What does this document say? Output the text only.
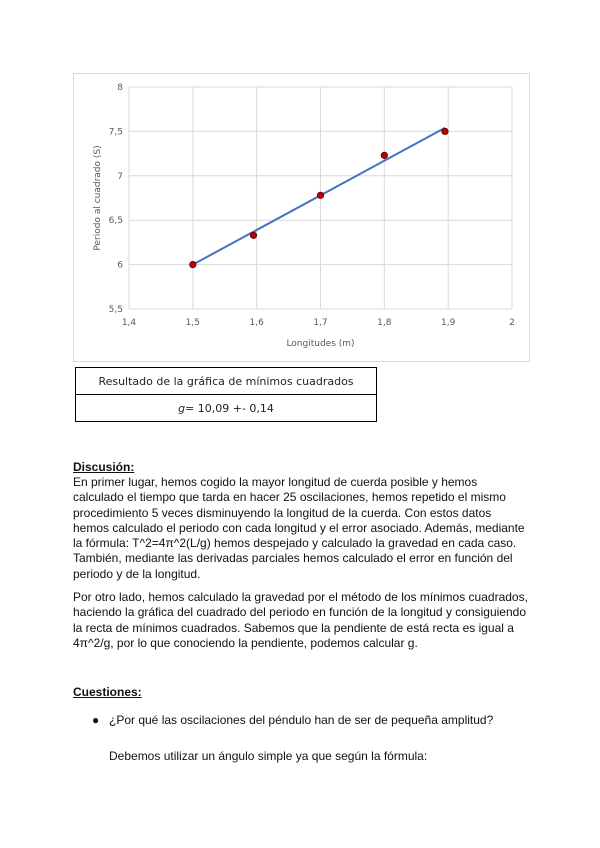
1,4	1,5	1,6	1,7	1,8	1,9	2
5,5
6
6,5
7
7,5
8
Longitudes (m)
Periodo al cuadrado (S)
Resultado de la gráfica de mínimos cuadrados
g= 10,09 +- 0,14
Discusión:

En primer lugar, hemos cogido la mayor longitud de cuerda posible y hemos calculado el tiempo que tarda en hacer 25 oscilaciones, hemos repetido el mismo procedimiento 5 veces disminuyendo la longitud de la cuerda. Con estos datos hemos calculado el periodo con cada longitud y el error asociado. Además, mediante la fórmula: T^2=4π^2(L/g) hemos despejado y calculado la gravedad en cada caso. También, mediante las derivadas parciales hemos calculado el error en función del periodo y de la longitud.

Por otro lado, hemos calculado la gravedad por el método de los mínimos cuadrados, haciendo la gráfica del cuadrado del periodo en función de la longitud y consiguiendo la recta de mínimos cuadrados. Sabemos que la pendiente de está recta es igual a 4π^2/g, por lo que conociendo la pendiente, podemos calcular g.

Cuestiones:
● ¿Por qué las oscilaciones del péndulo han de ser de pequeña amplitud?
Debemos utilizar un ángulo simple ya que según la fórmula:
